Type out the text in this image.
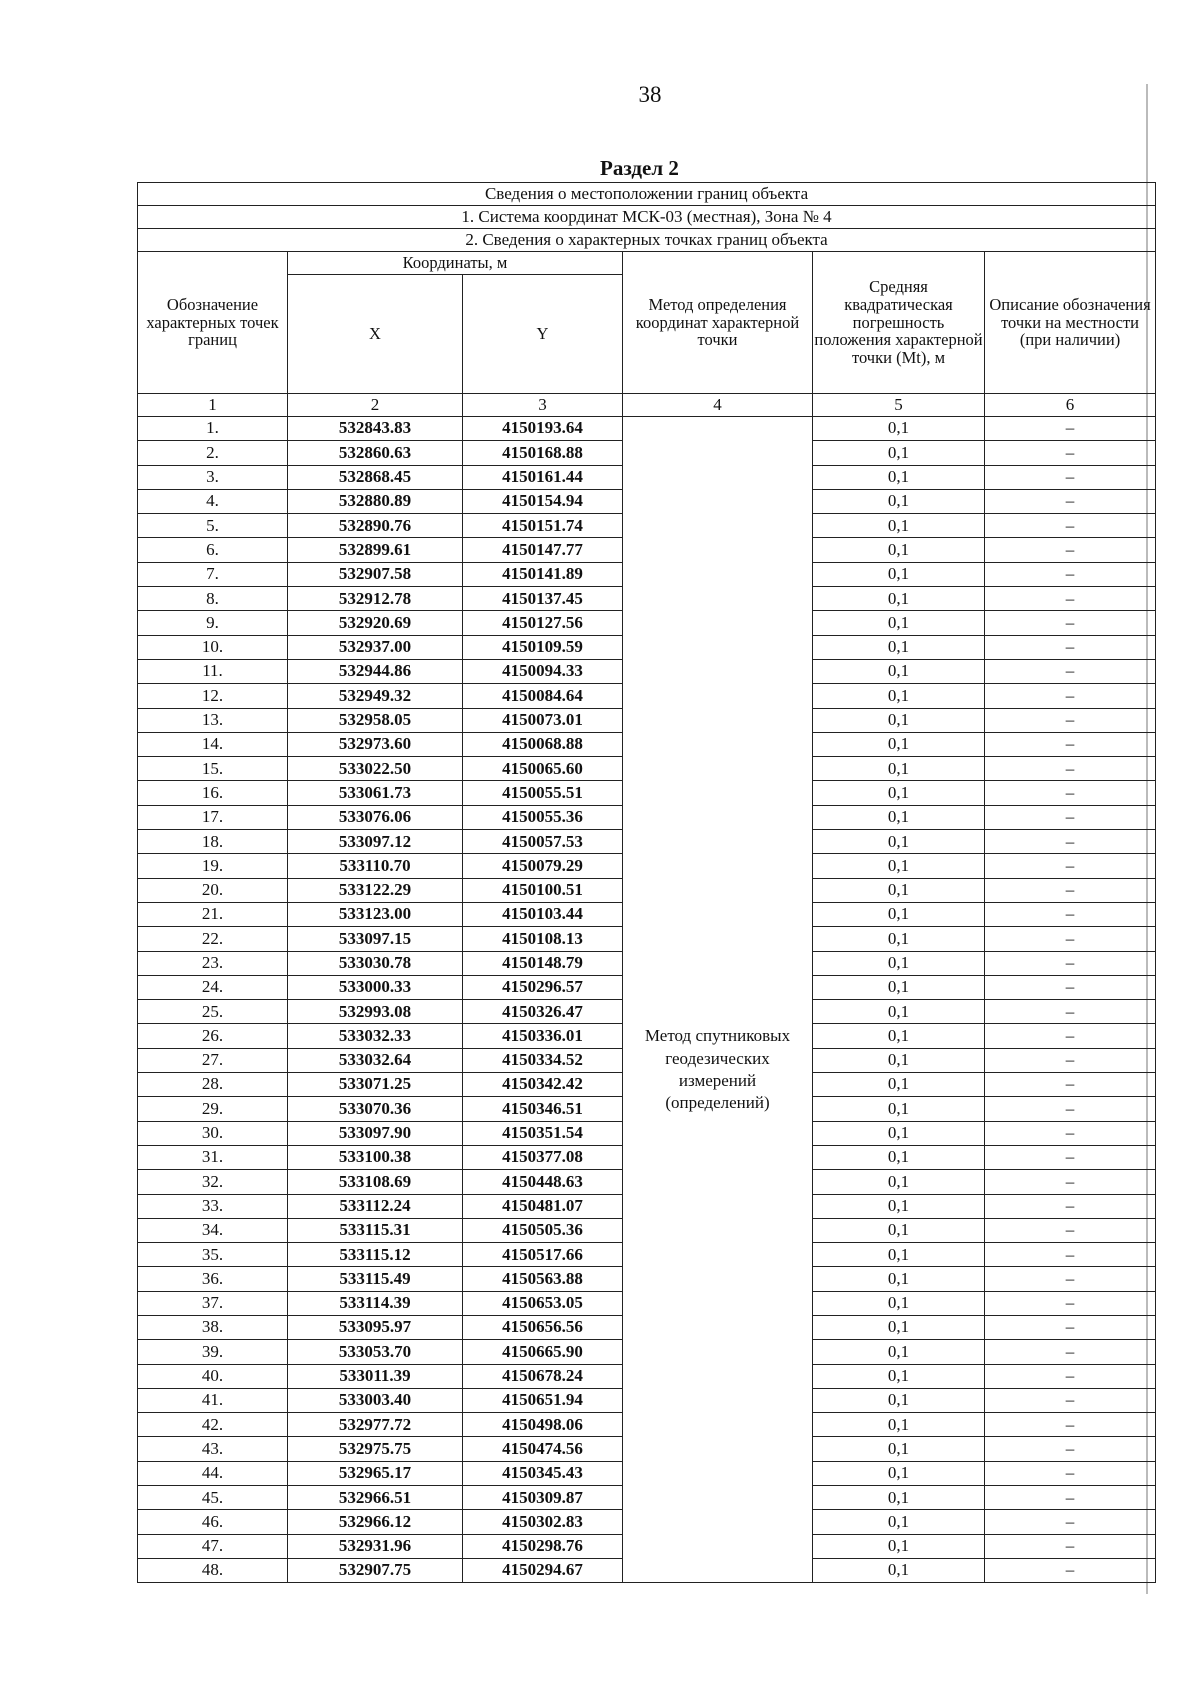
38
Раздел 2
Сведения о местоположении границ объекта					
1. Система координат МСК-03 (местная), Зона № 4					
2. Сведения о характерных точках границ объекта					
Обозначение характерных точек границ	Координаты, м		Метод определения координат характерной точки	Средняя квадратическая погрешность положения характерной точки (Mt), м	Описание обозначения точки на местности (при наличии)
	X	Y			
1	2	3	4	5	6
1.	532843.83	4150193.64	Метод спутниковых геодезических измерений (определений)	0,1	–
2.	532860.63	4150168.88		0,1	–
3.	532868.45	4150161.44		0,1	–
4.	532880.89	4150154.94		0,1	–
5.	532890.76	4150151.74		0,1	–
6.	532899.61	4150147.77		0,1	–
7.	532907.58	4150141.89		0,1	–
8.	532912.78	4150137.45		0,1	–
9.	532920.69	4150127.56		0,1	–
10.	532937.00	4150109.59		0,1	–
11.	532944.86	4150094.33		0,1	–
12.	532949.32	4150084.64		0,1	–
13.	532958.05	4150073.01		0,1	–
14.	532973.60	4150068.88		0,1	–
15.	533022.50	4150065.60		0,1	–
16.	533061.73	4150055.51		0,1	–
17.	533076.06	4150055.36		0,1	–
18.	533097.12	4150057.53		0,1	–
19.	533110.70	4150079.29		0,1	–
20.	533122.29	4150100.51		0,1	–
21.	533123.00	4150103.44		0,1	–
22.	533097.15	4150108.13		0,1	–
23.	533030.78	4150148.79		0,1	–
24.	533000.33	4150296.57		0,1	–
25.	532993.08	4150326.47		0,1	–
26.	533032.33	4150336.01		0,1	–
27.	533032.64	4150334.52		0,1	–
28.	533071.25	4150342.42		0,1	–
29.	533070.36	4150346.51		0,1	–
30.	533097.90	4150351.54		0,1	–
31.	533100.38	4150377.08		0,1	–
32.	533108.69	4150448.63		0,1	–
33.	533112.24	4150481.07		0,1	–
34.	533115.31	4150505.36		0,1	–
35.	533115.12	4150517.66		0,1	–
36.	533115.49	4150563.88		0,1	–
37.	533114.39	4150653.05		0,1	–
38.	533095.97	4150656.56		0,1	–
39.	533053.70	4150665.90		0,1	–
40.	533011.39	4150678.24		0,1	–
41.	533003.40	4150651.94		0,1	–
42.	532977.72	4150498.06		0,1	–
43.	532975.75	4150474.56		0,1	–
44.	532965.17	4150345.43		0,1	–
45.	532966.51	4150309.87		0,1	–
46.	532966.12	4150302.83		0,1	–
47.	532931.96	4150298.76		0,1	–
48.	532907.75	4150294.67		0,1	–
